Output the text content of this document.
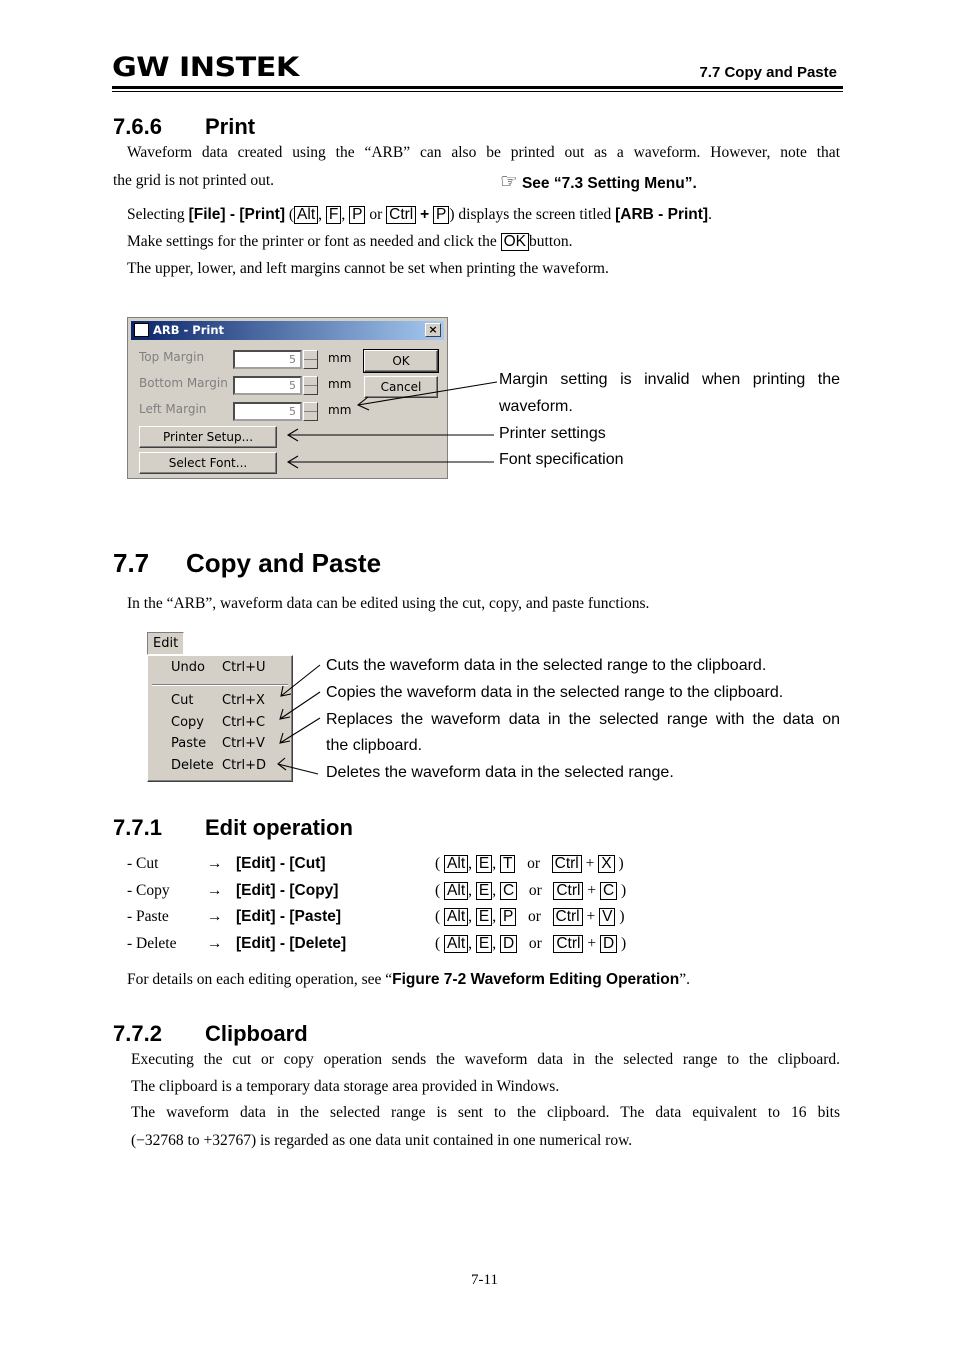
GW INSTEK	7.7 Copy and Paste
7.6.6 Print
Waveform data created using the “ARB” can also be printed out as a waveform. However, note that
the grid is not printed out.	☞ See “7.3 Setting Menu”.
Selecting [File] - [Print] ( Alt , F , P or Ctrl + P ) displays the screen titled [ARB - Print].
Make settings for the printer or font as needed and click the OK button.
The upper, lower, and left margins cannot be set when printing the waveform.
ARB - Print	×
Top Margin	5	mm
Bottom Margin	5	mm
Left Margin	5	mm
OK
Cancel
Printer Setup...
Select Font...
Margin setting is invalid when printing the
waveform.
Printer settings
Font specification
7.7 Copy and Paste
In the “ARB”, waveform data can be edited using the cut, copy, and paste functions.
Edit
Undo Ctrl+U
Cut Ctrl+X
Copy Ctrl+C
Paste Ctrl+V
Delete Ctrl+D
Cuts the waveform data in the selected range to the clipboard.
Copies the waveform data in the selected range to the clipboard.
Replaces the waveform data in the selected range with the data on
the clipboard.
Deletes the waveform data in the selected range.
7.7.1 Edit operation
- Cut	→ [Edit] - [Cut]	( Alt , E , T or Ctrl + X )
- Copy → [Edit] - [Copy]	( Alt , E , C or Ctrl + C )
- Paste → [Edit] - [Paste]	( Alt , E , P or Ctrl + V )
- Delete → [Edit] - [Delete]	( Alt , E , D or Ctrl + D )
For details on each editing operation, see “Figure 7-2 Waveform Editing Operation”.
7.7.2 Clipboard
Executing the cut or copy operation sends the waveform data in the selected range to the clipboard.
The clipboard is a temporary data storage area provided in Windows.
The waveform data in the selected range is sent to the clipboard. The data equivalent to 16 bits
(−32768 to +32767) is regarded as one data unit contained in one numerical row.
7-11
